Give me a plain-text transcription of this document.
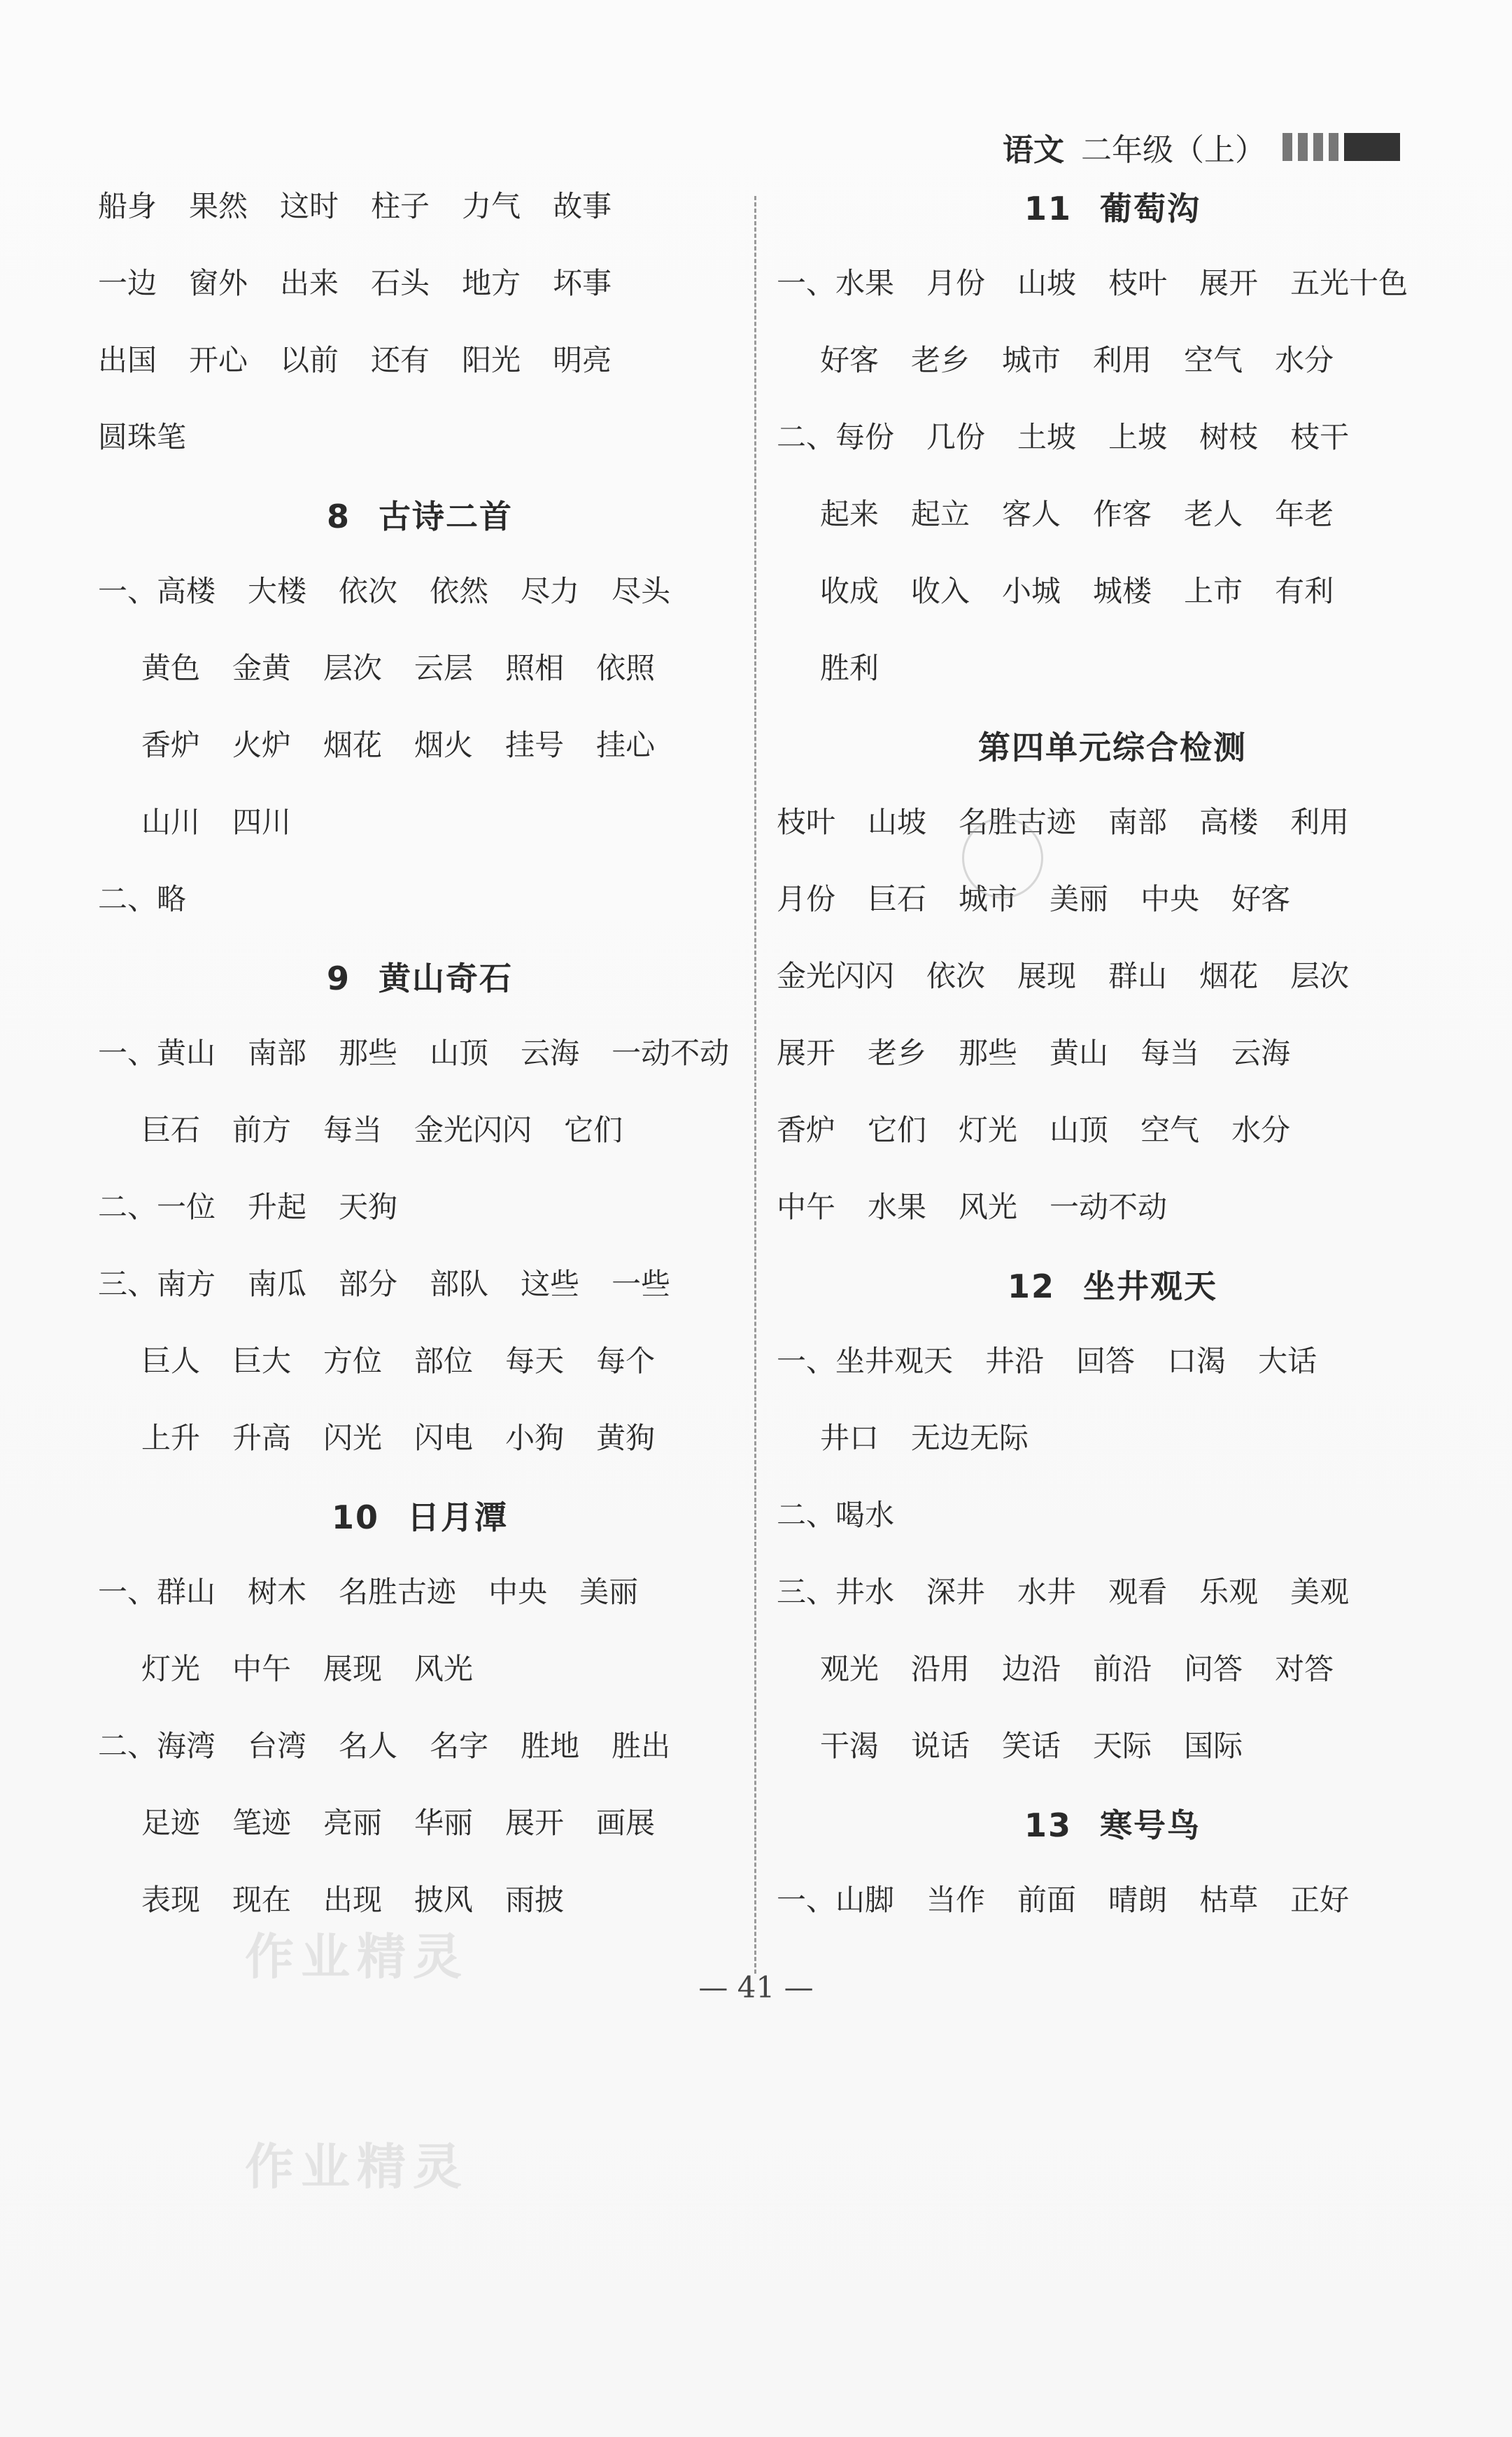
语文 二年级（上）
船身 果然 这时 柱子 力气 故事
一边 窗外 出来 石头 地方 坏事
出国 开心 以前 还有 阳光 明亮
圆珠笔
8 古诗二首
一、 高楼 大楼 依次 依然 尽力 尽头
黄色 金黄 层次 云层 照相 依照
香炉 火炉 烟花 烟火 挂号 挂心
山川 四川
二、 略
9 黄山奇石
一、 黄山 南部 那些 山顶 云海 一动不动
巨石 前方 每当 金光闪闪 它们
二、 一位 升起 天狗
三、 南方 南瓜 部分 部队 这些 一些
巨人 巨大 方位 部位 每天 每个
上升 升高 闪光 闪电 小狗 黄狗
10 日月潭
一、 群山 树木 名胜古迹 中央 美丽
灯光 中午 展现 风光
二、 海湾 台湾 名人 名字 胜地 胜出
足迹 笔迹 亮丽 华丽 展开 画展
表现 现在 出现 披风 雨披
11 葡萄沟
一、 水果 月份 山坡 枝叶 展开 五光十色
好客 老乡 城市 利用 空气 水分
二、 每份 几份 土坡 上坡 树枝 枝干
起来 起立 客人 作客 老人 年老
收成 收入 小城 城楼 上市 有利
胜利
第四单元综合检测
枝叶 山坡 名胜古迹 南部 高楼 利用
月份 巨石 城市 美丽 中央 好客
金光闪闪 依次 展现 群山 烟花 层次
展开 老乡 那些 黄山 每当 云海
香炉 它们 灯光 山顶 空气 水分
中午 水果 风光 一动不动
12 坐井观天
一、 坐井观天 井沿 回答 口渴 大话
井口 无边无际
二、 喝水
三、 井水 深井 水井 观看 乐观 美观
观光 沿用 边沿 前沿 问答 对答
干渴 说话 笑话 天际 国际
13 寒号鸟
一、 山脚 当作 前面 晴朗 枯草 正好
— 41 —
作业精灵
作业精灵
